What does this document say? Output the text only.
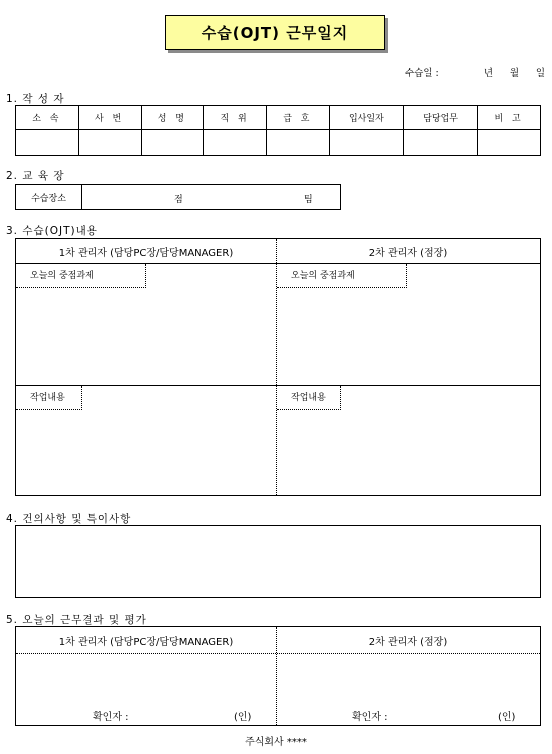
수습(OJT) 근무일지
수습일 :	년	월	일
1. 작 성 자
소 속	사 번	성 명	직 위	급 호	입사일자	담당업무	비 고

2. 교 육 장
수습장소	점	팀
3. 수습(OJT)내용
1차 관리자 (담당PC장/담당MANAGER)	2차 관리자 (점장)
오늘의 중점과제	오늘의 중점과제
작업내용	작업내용
4. 건의사항 및 특이사항
5. 오늘의 근무결과 및 평가
1차 관리자 (담당PC장/담당MANAGER)	2차 관리자 (점장)
확인자 :	(인)	확인자 :	(인)
주식회사 ****
